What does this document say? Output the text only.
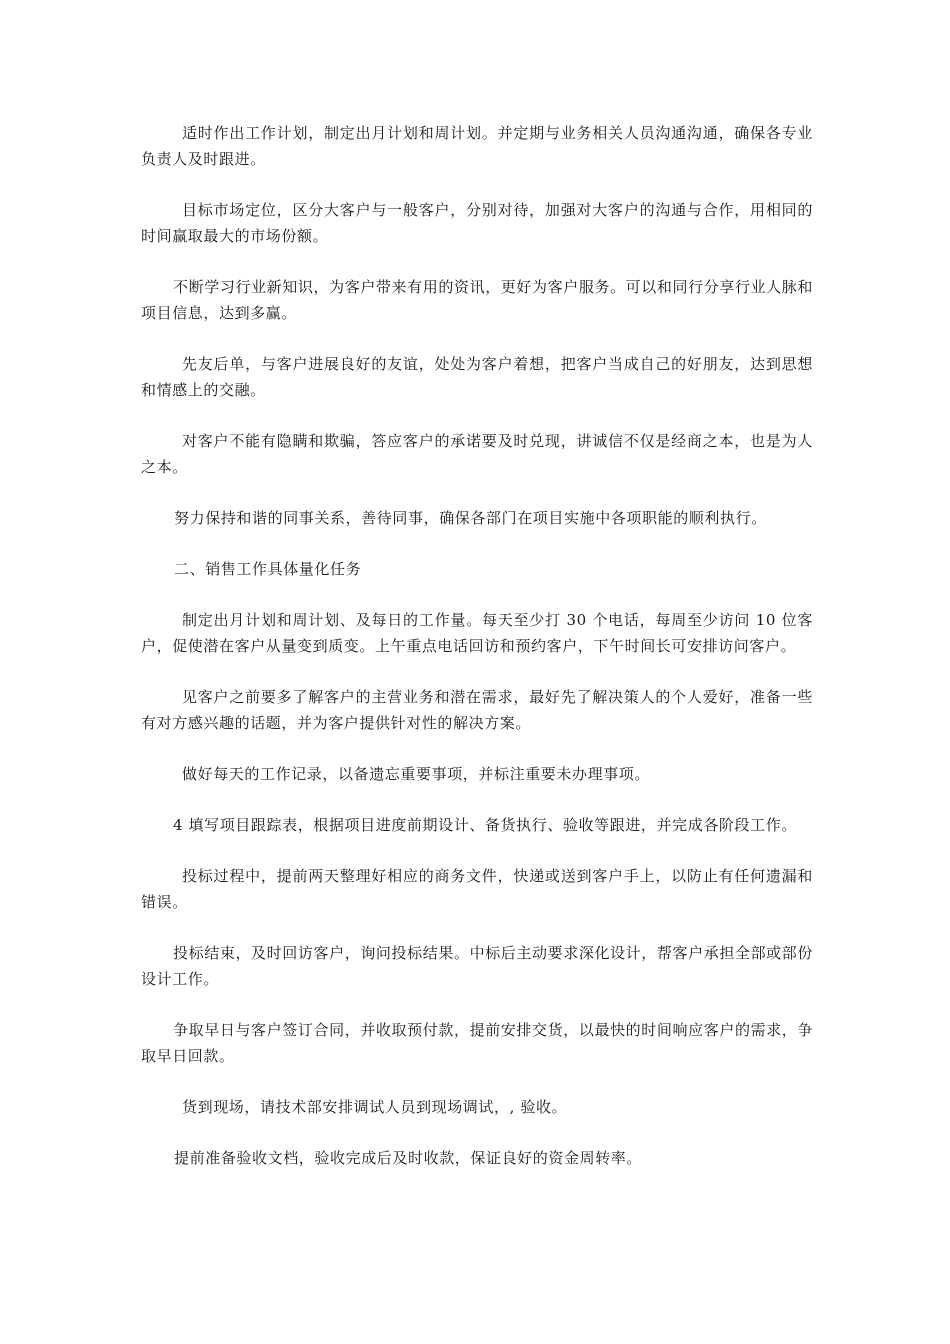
适时作出工作计划，制定出月计划和周计划。并定期与业务相关人员沟通沟通，确保各专业负责人及时跟进。

目标市场定位，区分大客户与一般客户，分别对待，加强对大客户的沟通与合作，用相同的时间赢取最大的市场份额。

不断学习行业新知识，为客户带来有用的资讯，更好为客户服务。可以和同行分享行业人脉和项目信息，达到多赢。

先友后单，与客户进展良好的友谊，处处为客户着想，把客户当成自己的好朋友，达到思想和情感上的交融。

对客户不能有隐瞒和欺骗，答应客户的承诺要及时兑现，讲诚信不仅是经商之本，也是为人之本。

努力保持和谐的同事关系，善待同事，确保各部门在项目实施中各项职能的顺利执行。

二、销售工作具体量化任务

制定出月计划和周计划、及每日的工作量。每天至少打 30 个电话，每周至少访问 10 位客户，促使潜在客户从量变到质变。上午重点电话回访和预约客户，下午时间长可安排访问客户。

见客户之前要多了解客户的主营业务和潜在需求，最好先了解决策人的个人爱好，准备一些有对方感兴趣的话题，并为客户提供针对性的解决方案。

做好每天的工作记录，以备遗忘重要事项，并标注重要未办理事项。

4 填写项目跟踪表，根据项目进度前期设计、备货执行、验收等跟进，并完成各阶段工作。

投标过程中，提前两天整理好相应的商务文件，快递或送到客户手上，以防止有任何遗漏和错误。

投标结束，及时回访客户，询问投标结果。中标后主动要求深化设计，帮客户承担全部或部份设计工作。

争取早日与客户签订合同，并收取预付款，提前安排交货，以最快的时间响应客户的需求，争取早日回款。

货到现场，请技术部安排调试人员到现场调试，, 验收。

提前准备验收文档，验收完成后及时收款，保证良好的资金周转率。
